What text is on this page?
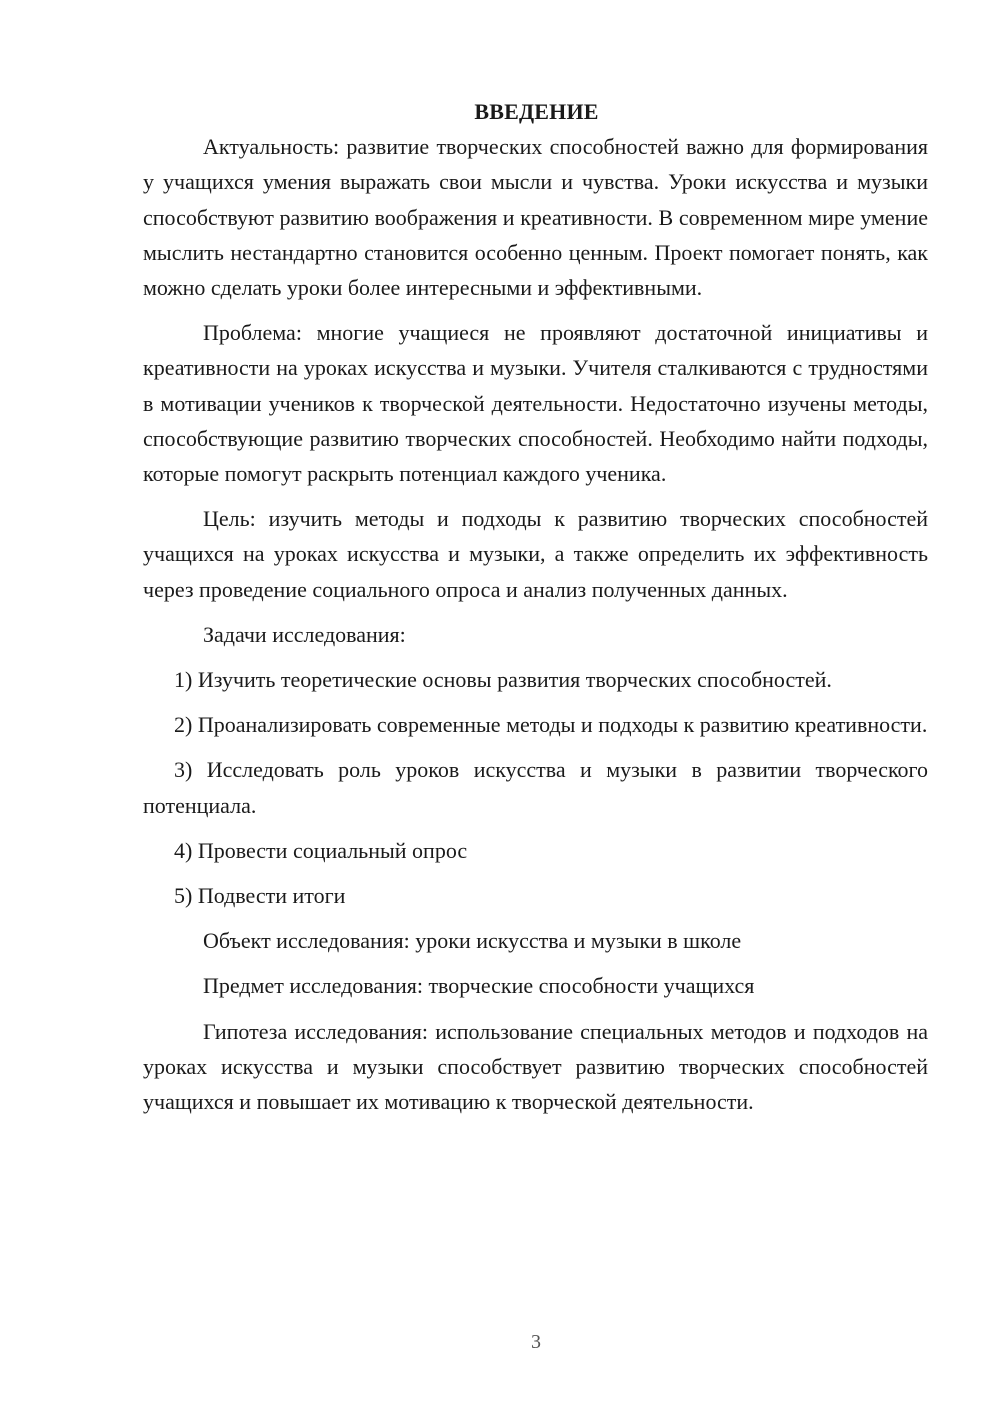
ВВЕДЕНИЕ

Актуальность: развитие творческих способностей важно для формирования у учащихся умения выражать свои мысли и чувства. Уроки искусства и музыки способствуют развитию воображения и креативности. В современном мире умение мыслить нестандартно становится особенно ценным. Проект помогает понять, как можно сделать уроки более интересными и эффективными.

Проблема: многие учащиеся не проявляют достаточной инициативы и креативности на уроках искусства и музыки. Учителя сталкиваются с трудностями в мотивации учеников к творческой деятельности. Недостаточно изучены методы, способствующие развитию творческих способностей. Необходимо найти подходы, которые помогут раскрыть потенциал каждого ученика.

Цель: изучить методы и подходы к развитию творческих способностей учащихся на уроках искусства и музыки, а также определить их эффективность через проведение социального опроса и анализ полученных данных.

Задачи исследования:

1) Изучить теоретические основы развития творческих способностей.

2) Проанализировать современные методы и подходы к развитию креативности.

3) Исследовать роль уроков искусства и музыки в развитии творческого потенциала.

4) Провести социальный опрос

5) Подвести итоги

Объект исследования: уроки искусства и музыки в школе

Предмет исследования: творческие способности учащихся

Гипотеза исследования: использование специальных методов и подходов на уроках искусства и музыки способствует развитию творческих способностей учащихся и повышает их мотивацию к творческой деятельности.

3
